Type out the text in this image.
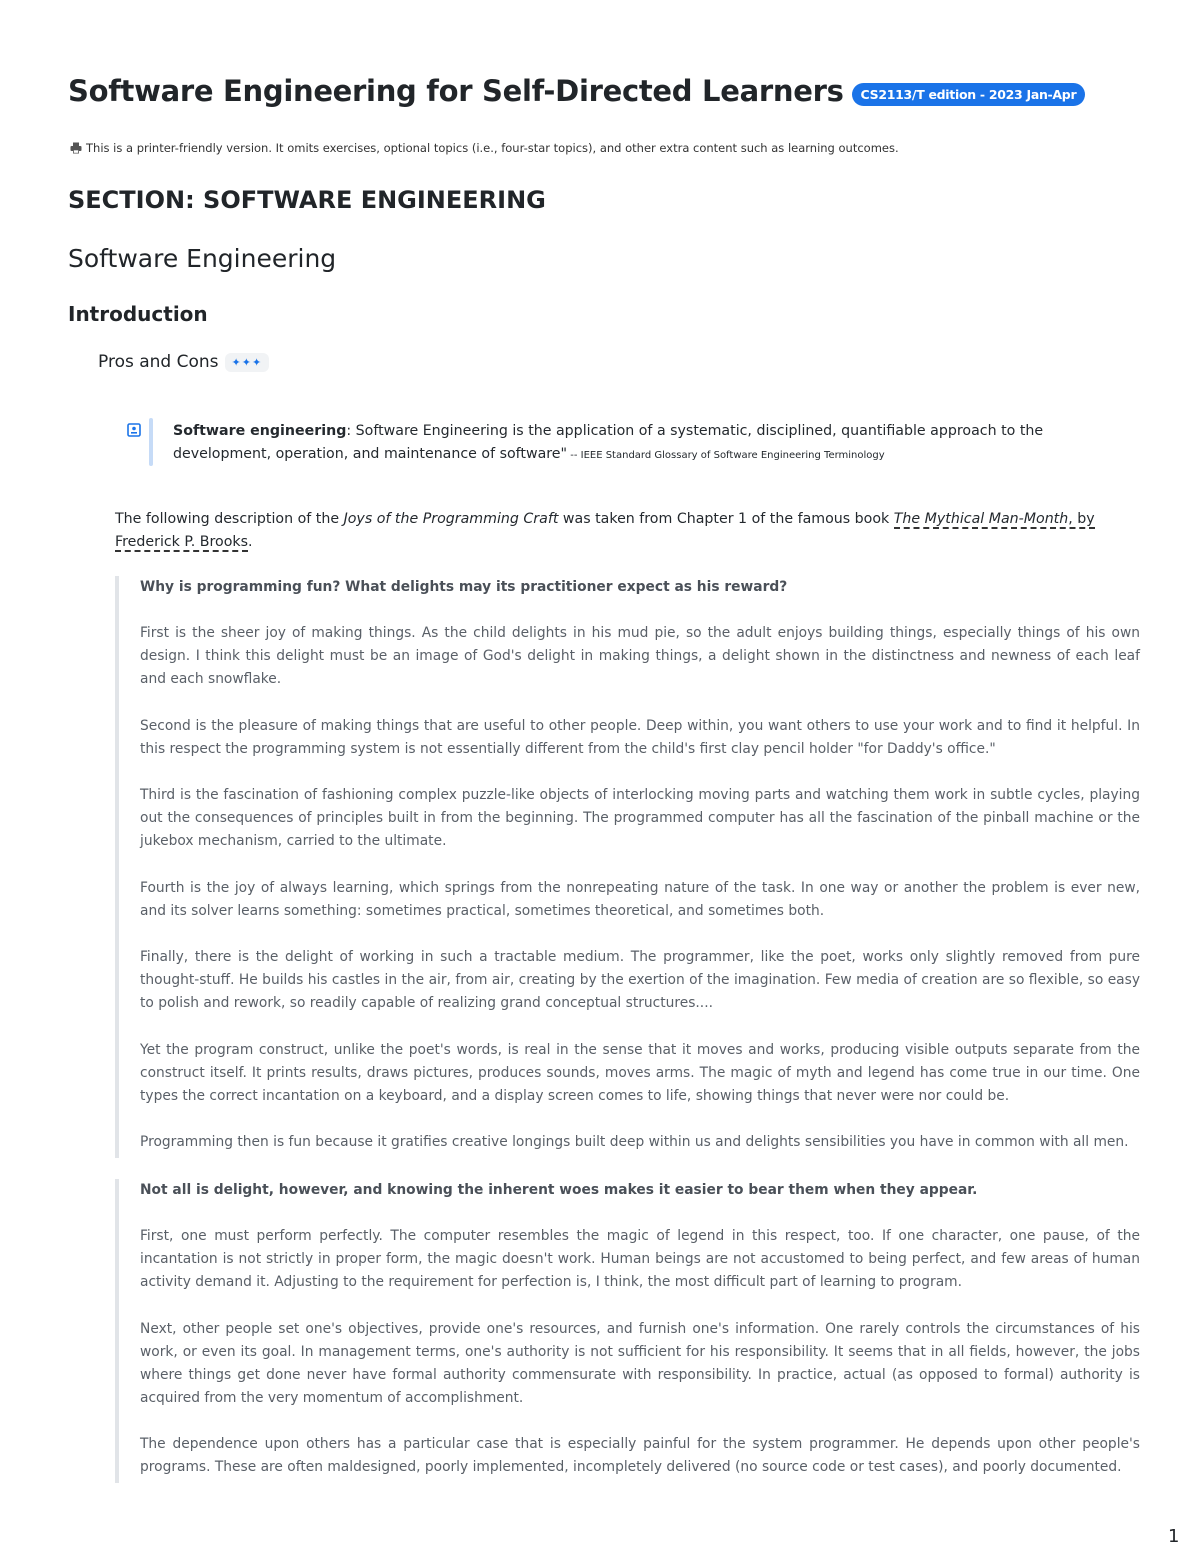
Software Engineering for Self-Directed Learners	CS2113/T edition - 2023 Jan-Apr
This is a printer-friendly version. It omits exercises, optional topics (i.e., four-star topics), and other extra content such as learning outcomes.
SECTION: SOFTWARE ENGINEERING
Software Engineering
Introduction
Pros and Cons	✦✦✦
Software engineering: Software Engineering is the application of a systematic, disciplined, quantifiable approach to the development, operation, and maintenance of software" -- IEEE Standard Glossary of Software Engineering Terminology
The following description of the Joys of the Programming Craft was taken from Chapter 1 of the famous book The Mythical Man-Month, by Frederick P. Brooks.

Why is programming fun? What delights may its practitioner expect as his reward?

First is the sheer joy of making things. As the child delights in his mud pie, so the adult enjoys building things, especially things of his own design. I think this delight must be an image of God's delight in making things, a delight shown in the distinctness and newness of each leaf and each snowflake.

Second is the pleasure of making things that are useful to other people. Deep within, you want others to use your work and to find it helpful. In this respect the programming system is not essentially different from the child's first clay pencil holder "for Daddy's office."

Third is the fascination of fashioning complex puzzle-like objects of interlocking moving parts and watching them work in subtle cycles, playing out the consequences of principles built in from the beginning. The programmed computer has all the fascination of the pinball machine or the jukebox mechanism, carried to the ultimate.

Fourth is the joy of always learning, which springs from the nonrepeating nature of the task. In one way or another the problem is ever new, and its solver learns something: sometimes practical, sometimes theoretical, and sometimes both.

Finally, there is the delight of working in such a tractable medium. The programmer, like the poet, works only slightly removed from pure thought-stuff. He builds his castles in the air, from air, creating by the exertion of the imagination. Few media of creation are so flexible, so easy to polish and rework, so readily capable of realizing grand conceptual structures....

Yet the program construct, unlike the poet's words, is real in the sense that it moves and works, producing visible outputs separate from the construct itself. It prints results, draws pictures, produces sounds, moves arms. The magic of myth and legend has come true in our time. One types the correct incantation on a keyboard, and a display screen comes to life, showing things that never were nor could be.

Programming then is fun because it gratifies creative longings built deep within us and delights sensibilities you have in common with all men.

Not all is delight, however, and knowing the inherent woes makes it easier to bear them when they appear.

First, one must perform perfectly. The computer resembles the magic of legend in this respect, too. If one character, one pause, of the incantation is not strictly in proper form, the magic doesn't work. Human beings are not accustomed to being perfect, and few areas of human activity demand it. Adjusting to the requirement for perfection is, I think, the most difficult part of learning to program.

Next, other people set one's objectives, provide one's resources, and furnish one's information. One rarely controls the circumstances of his work, or even its goal. In management terms, one's authority is not sufficient for his responsibility. It seems that in all fields, however, the jobs where things get done never have formal authority commensurate with responsibility. In practice, actual (as opposed to formal) authority is acquired from the very momentum of accomplishment.

The dependence upon others has a particular case that is especially painful for the system programmer. He depends upon other people's programs. These are often maldesigned, poorly implemented, incompletely delivered (no source code or test cases), and poorly documented.

1
